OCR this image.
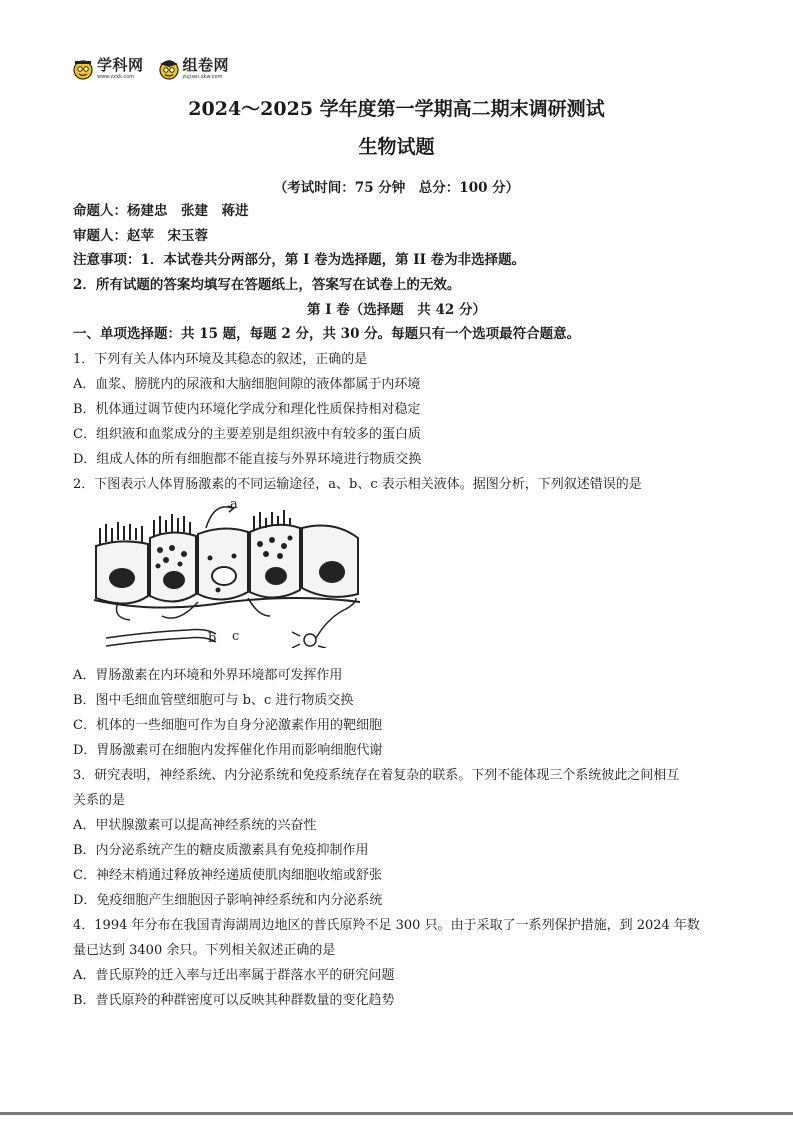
学科网
www.zxxk.com
组卷网
zujuan.xkw.com
2024～2025 学年度第一学期高二期末调研测试
生物试题
（考试时间：75 分钟　总分：100 分）
命题人：杨建忠　张建　蒋进
审题人：赵苹　宋玉蓉
注意事项：1．本试卷共分两部分，第 I 卷为选择题，第 II 卷为非选择题。
2．所有试题的答案均填写在答题纸上，答案写在试卷上的无效。
第 I 卷（选择题　共 42 分）
一、单项选择题：共 15 题，每题 2 分，共 30 分。每题只有一个选项最符合题意。
1．下列有关人体内环境及其稳态的叙述，正确的是
A．血浆、膀胱内的尿液和大脑细胞间隙的液体都属于内环境
B．机体通过调节使内环境化学成分和理化性质保持相对稳定
C．组织液和血浆成分的主要差别是组织液中有较多的蛋白质
D．组成人体的所有细胞都不能直接与外界环境进行物质交换
2．下图表示人体胃肠激素的不同运输途径，a、b、c 表示相关液体。据图分析，下列叙述错误的是
a
b c
A．胃肠激素在内环境和外界环境都可发挥作用
B．图中毛细血管壁细胞可与 b、c 进行物质交换
C．机体的一些细胞可作为自身分泌激素作用的靶细胞
D．胃肠激素可在细胞内发挥催化作用而影响细胞代谢
3．研究表明，神经系统、内分泌系统和免疫系统存在着复杂的联系。下列不能体现三个系统彼此之间相互
关系的是
A．甲状腺激素可以提高神经系统的兴奋性
B．内分泌系统产生的糖皮质激素具有免疫抑制作用
C．神经末梢通过释放神经递质使肌肉细胞收缩或舒张
D．免疫细胞产生细胞因子影响神经系统和内分泌系统
4．1994 年分布在我国青海湖周边地区的普氏原羚不足 300 只。由于采取了一系列保护措施，到 2024 年数
量已达到 3400 余只。下列相关叙述正确的是
A．普氏原羚的迁入率与迁出率属于群落水平的研究问题
B．普氏原羚的种群密度可以反映其种群数量的变化趋势
